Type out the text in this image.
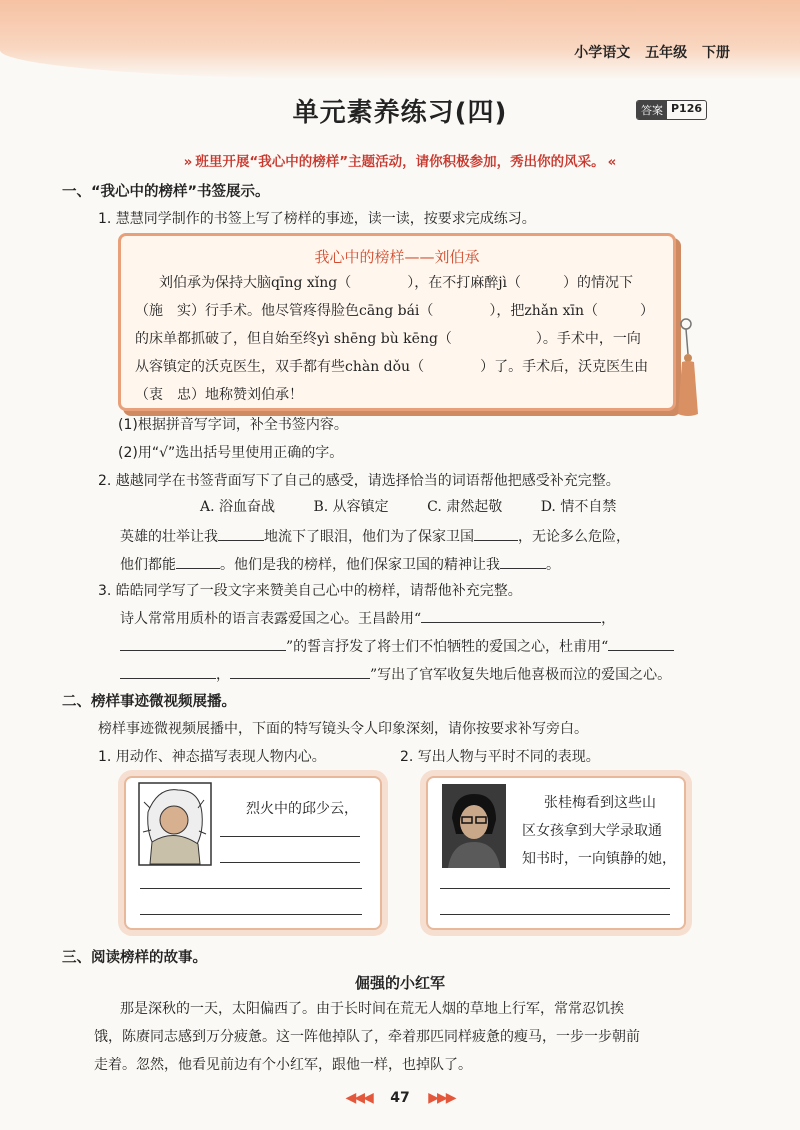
小学语文 五年级 下册
单元素养练习(四)	答案 P126
» 班里开展“我心中的榜样”主题活动，请你积极参加，秀出你的风采。 «
一、“我心中的榜样”书签展示。
1. 慧慧同学制作的书签上写了榜样的事迹，读一读，按要求完成练习。
我心中的榜样——刘伯承
刘伯承为保持大脑qīng xǐng（　　　　），在不打麻醉jì（　　　）的情况下
（施　实）行手术。他尽管疼得脸色cāng bái（　　　　），把zhǎn xīn（　　　）
的床单都抓破了，但自始至终yì shēng bù kēng（　　　　　　）。手术中，一向
从容镇定的沃克医生，双手都有些chàn dǒu（　　　　）了。手术后，沃克医生由
（衷　忠）地称赞刘伯承！
(1)根据拼音写字词，补全书签内容。
(2)用“√”选出括号里使用正确的字。
2. 越越同学在书签背面写下了自己的感受，请选择恰当的词语帮他把感受补充完整。
A. 浴血奋战	B. 从容镇定	C. 肃然起敬	D. 情不自禁
英雄的壮举让我	地流下了眼泪，他们为了保家卫国	，无论多么危险，
他们都能	。他们是我的榜样，他们保家卫国的精神让我	。
3. 皓皓同学写了一段文字来赞美自己心中的榜样，请帮他补充完整。
诗人常常用质朴的语言表露爱国之心。王昌龄用“	，
”的誓言抒发了将士们不怕牺牲的爱国之心，杜甫用“
，	”写出了官军收复失地后他喜极而泣的爱国之心。
二、榜样事迹微视频展播。
榜样事迹微视频展播中，下面的特写镜头令人印象深刻，请你按要求补写旁白。
1. 用动作、神态描写表现人物内心。	2. 写出人物与平时不同的表现。
烈火中的邱少云，	张桂梅看到这些山
区女孩拿到大学录取通
知书时，一向镇静的她，
三、阅读榜样的故事。
倔强的小红军
那是深秋的一天，太阳偏西了。由于长时间在荒无人烟的草地上行军，常常忍饥挨
饿，陈赓同志感到万分疲惫。这一阵他掉队了，牵着那匹同样疲惫的瘦马，一步一步朝前
走着。忽然，他看见前边有个小红军，跟他一样，也掉队了。
◀◀◀ 47 ▶▶▶
